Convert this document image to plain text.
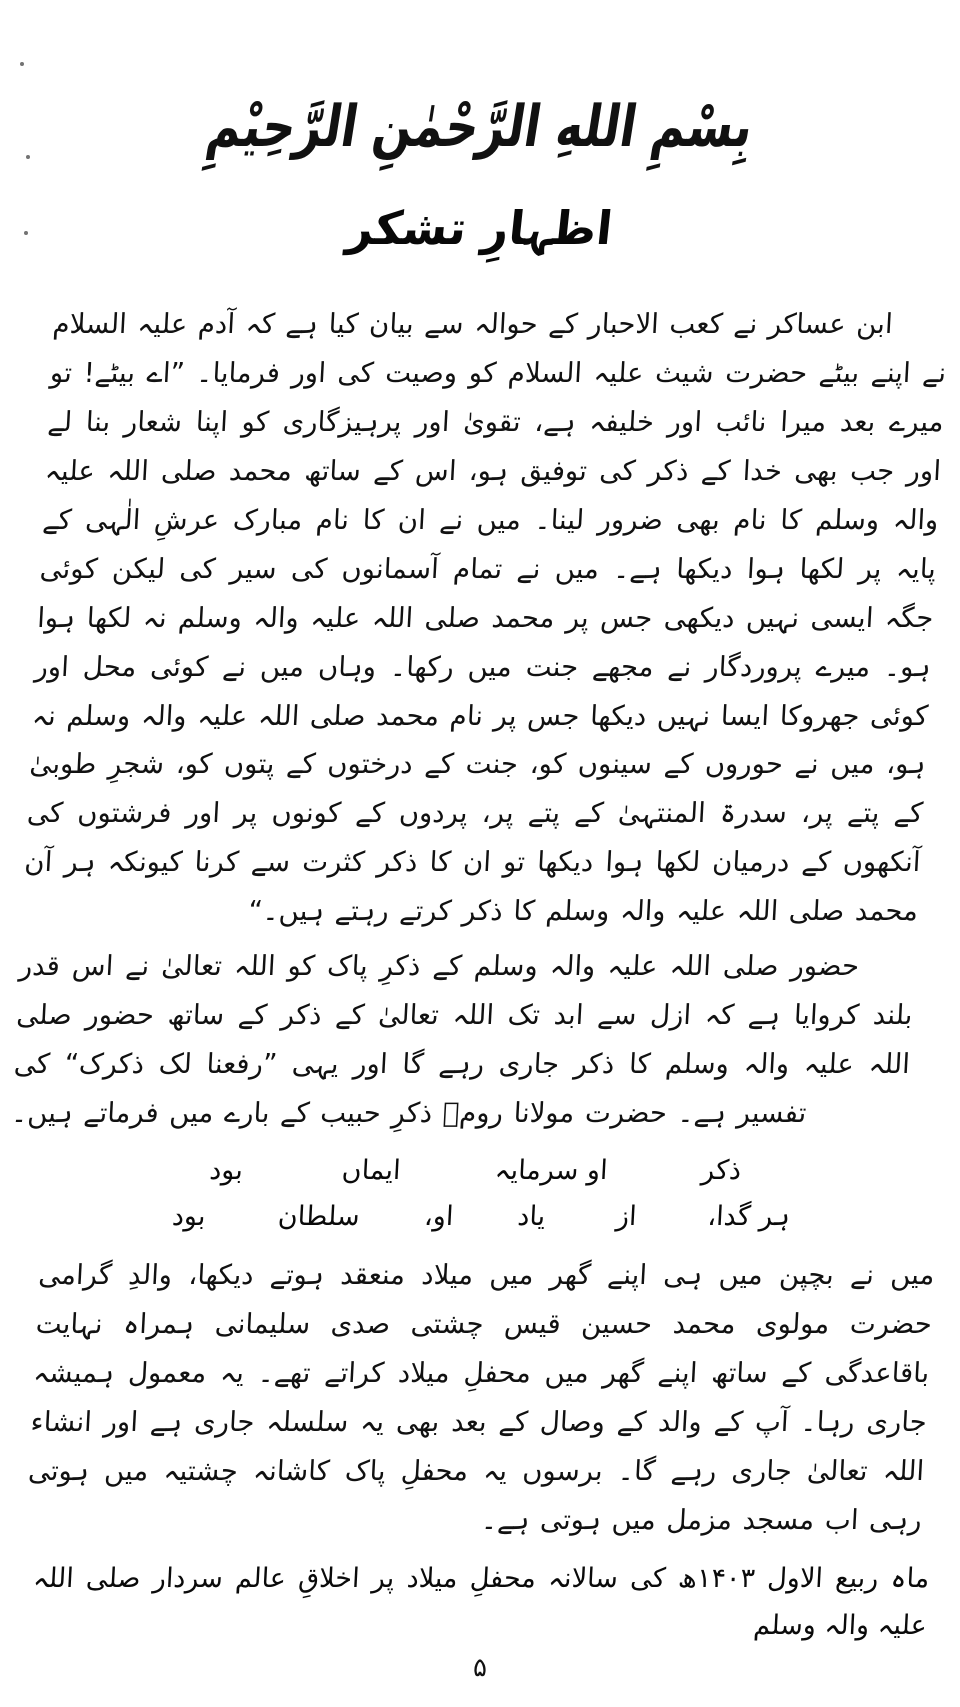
بِسْمِ اللهِ الرَّحْمٰنِ الرَّحِيْمِ
اظہارِ تشکر

ابن عساکر نے کعب الاحبار کے حوالہ سے بیان کیا ہے کہ آدم علیہ السلام نے اپنے بیٹے حضرت شیث علیہ السلام کو وصیت کی اور فرمایا۔ ”اے بیٹے! تو میرے بعد میرا نائب اور خلیفہ ہے، تقویٰ اور پرہیزگاری کو اپنا شعار بنا لے اور جب بھی خدا کے ذکر کی توفیق ہو، اس کے ساتھ محمد صلی اللہ علیہ والہ وسلم کا نام بھی ضرور لینا۔ میں نے ان کا نام مبارک عرشِ الٰہی کے پایہ پر لکھا ہوا دیکھا ہے۔ میں نے تمام آسمانوں کی سیر کی لیکن کوئی جگہ ایسی نہیں دیکھی جس پر محمد صلی اللہ علیہ والہ وسلم نہ لکھا ہوا ہو۔ میرے پروردگار نے مجھے جنت میں رکھا۔ وہاں میں نے کوئی محل اور کوئی جھروکا ایسا نہیں دیکھا جس پر نام محمد صلی اللہ علیہ والہ وسلم نہ ہو، میں نے حوروں کے سینوں کو، جنت کے درختوں کے پتوں کو، شجرِ طوبیٰ کے پتے پر، سدرۃ المنتہیٰ کے پتے پر، پردوں کے کونوں پر اور فرشتوں کی آنکھوں کے درمیان لکھا ہوا دیکھا تو ان کا ذکر کثرت سے کرنا کیونکہ ہر آن محمد صلی اللہ علیہ والہ وسلم کا ذکر کرتے رہتے ہیں۔“

حضور صلی اللہ علیہ والہ وسلم کے ذکرِ پاک کو اللہ تعالیٰ نے اس قدر بلند کروایا ہے کہ ازل سے ابد تک اللہ تعالیٰ کے ذکر کے ساتھ حضور صلی اللہ علیہ والہ وسلم کا ذکر جاری رہے گا اور یہی ”رفعنا لک ذکرک“ کی تفسیر ہے۔ حضرت مولانا رومؒ ذکرِ حبیب کے بارے میں فرماتے ہیں۔

ذکر
او سرمایہ
ایماں
بود
ہر گدا،
از
یاد
او،
سلطان
بود

میں نے بچپن میں ہی اپنے گھر میں میلاد منعقد ہوتے دیکھا، والدِ گرامی حضرت مولوی محمد حسین قیس چشتی صدی سلیمانی ہمراہ نہایت باقاعدگی کے ساتھ اپنے گھر میں محفلِ میلاد کراتے تھے۔ یہ معمول ہمیشہ جاری رہا۔ آپ کے والد کے وصال کے بعد بھی یہ سلسلہ جاری ہے اور انشاء اللہ تعالیٰ جاری رہے گا۔ برسوں یہ محفلِ پاک کاشانہ چشتیہ میں ہوتی رہی اب مسجد مزمل میں ہوتی ہے۔

ماہ ربیع الاول ۱۴۰۳ھ کی سالانہ محفلِ میلاد پر اخلاقِ عالم سردار صلی اللہ علیہ والہ وسلم
۵
